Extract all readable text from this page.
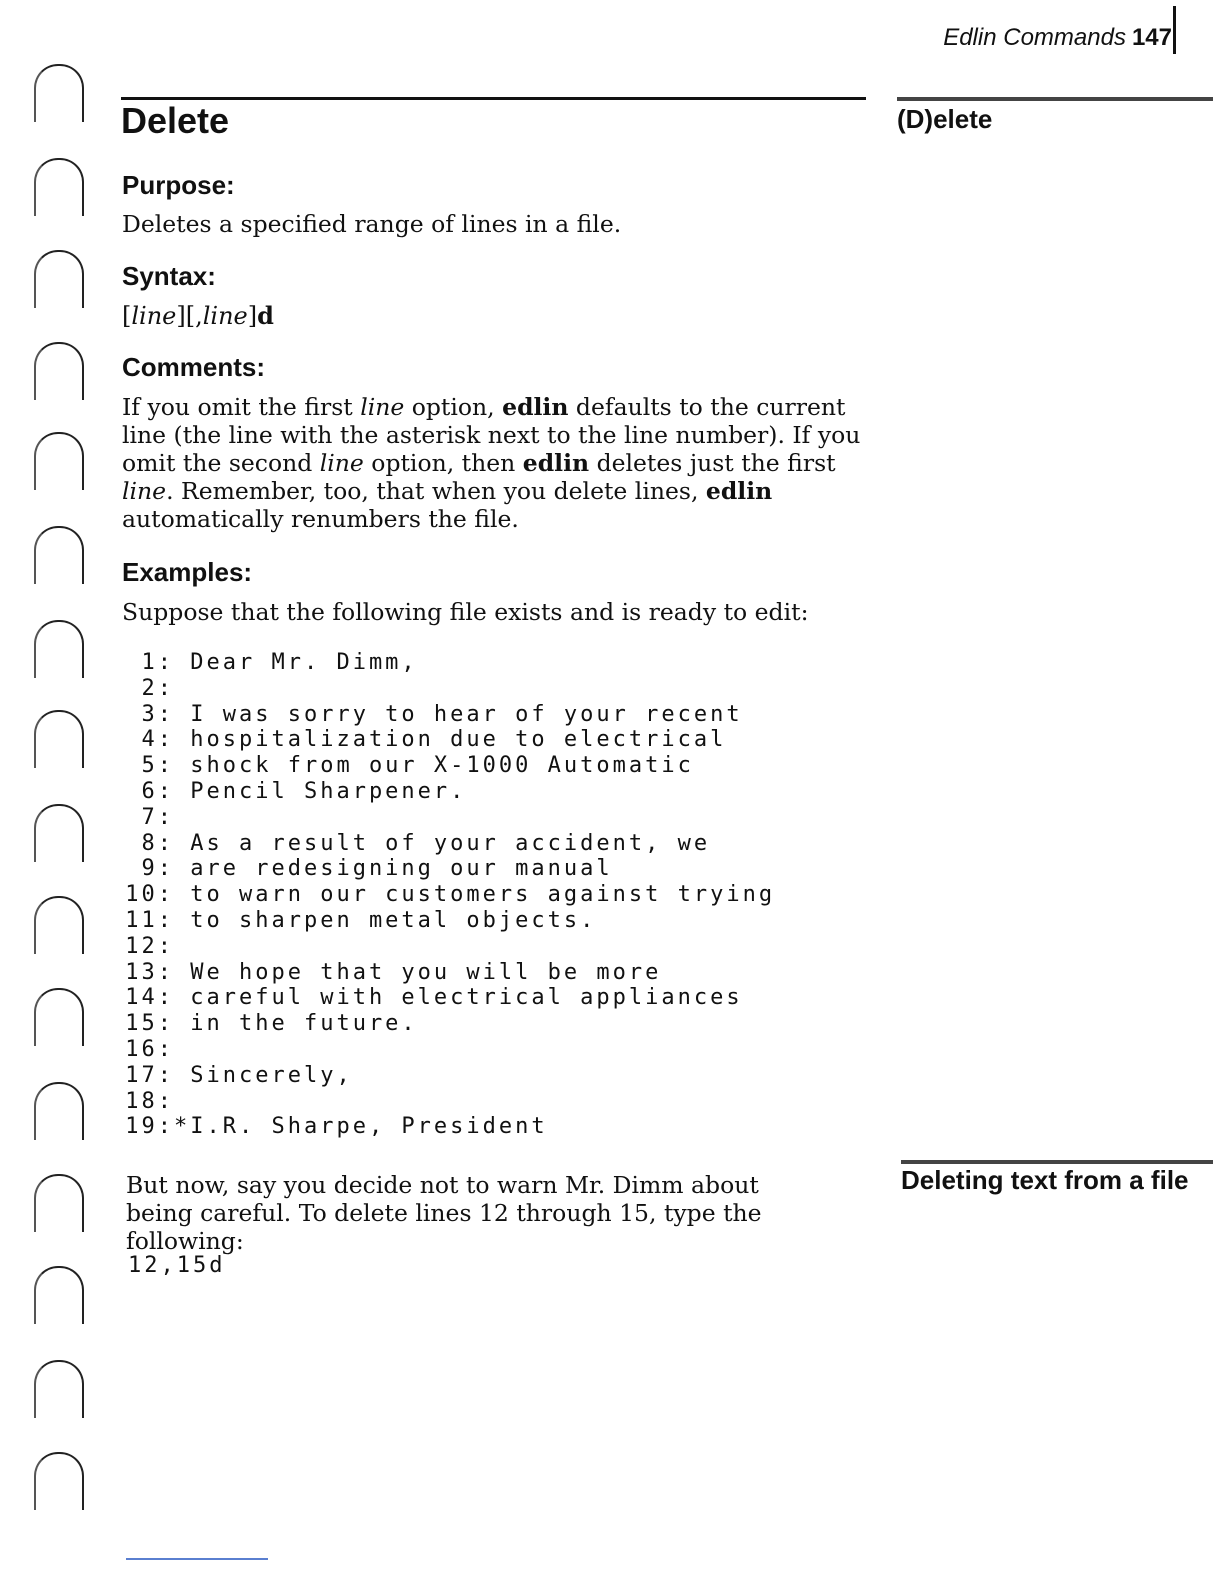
Edlin Commands 147
Delete	(D)elete
Purpose:

Deletes a specified range of lines in a file.

Syntax:
[line][,line]d
Comments:

If you omit the first line option, edlin defaults to the current line (the line with the asterisk next to the line number). If you omit the second line option, then edlin deletes just the first line. Remember, too, that when you delete lines, edlin automatically renumbers the file.

Examples:

Suppose that the following file exists and is ready to edit:

1: Dear Mr. Dimm,
2:
3: I was sorry to hear of your recent
4: hospitalization due to electrical
5: shock from our X-1000 Automatic
6: Pencil Sharpener.
7:
8: As a result of your accident, we
9: are redesigning our manual
10: to warn our customers against trying
11: to sharpen metal objects.
12:
13: We hope that you will be more
14: careful with electrical appliances
15: in the future.
16:
17: Sincerely,
18:
19:*I.R. Sharpe, President

But now, say you decide not to warn Mr. Dimm about being careful. To delete lines 12 through 15, type the following:

12,15d
Deleting text from a file
